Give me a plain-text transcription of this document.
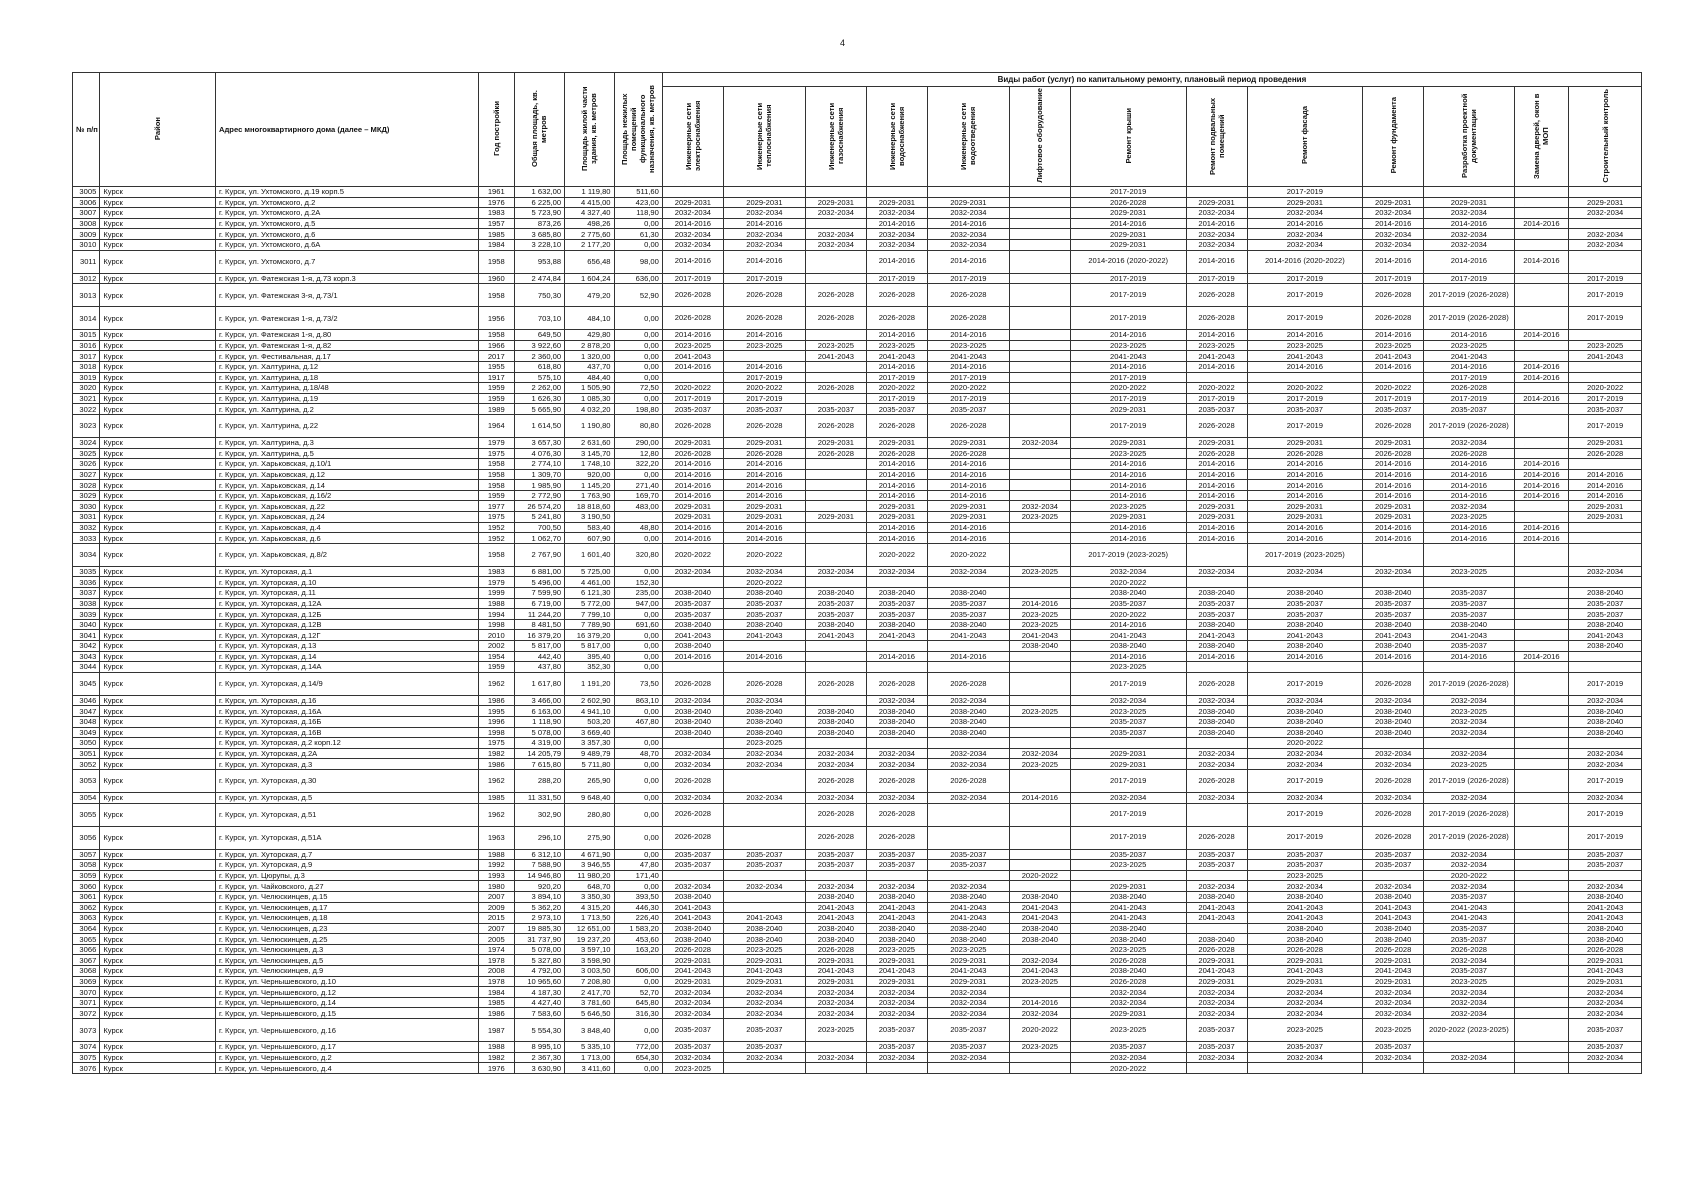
4
№ п/п	Район	Адрес многоквартирного дома (далее – МКД)	Год постройки	Общая площадь, кв. метров	Площадь жилой части здания, кв. метров	Площадь нежилых помещений функционального назначения, кв. метров	Виды работ (услуг) по капитальному ремонту, плановый период проведения												
							Инженерные сети электроснабжения	Инженерные сети теплоснабжения	Инженерные сети газоснабжения	Инженерные сети водоснабжения	Инженерные сети водоотведения	Лифтовое оборудование	Ремонт крыши	Ремонт подвальных помещений	Ремонт фасада	Ремонт фундамента	Разработка проектной документации	Замена дверей, окон в МОП	Строительный контроль
3005	Курск	г. Курск, ул. Ухтомского, д.19 корп.5	1961	1 632,00	1 119,80	511,60							2017-2019		2017-2019				
3006	Курск	г. Курск, ул. Ухтомского, д.2	1976	6 225,00	4 415,00	423,00	2029-2031	2029-2031	2029-2031	2029-2031	2029-2031		2026-2028	2029-2031	2029-2031	2029-2031	2029-2031		2029-2031
3007	Курск	г. Курск, ул. Ухтомского, д.2А	1983	5 723,90	4 327,40	118,90	2032-2034	2032-2034	2032-2034	2032-2034	2032-2034		2029-2031	2032-2034	2032-2034	2032-2034	2032-2034		2032-2034
3008	Курск	г. Курск, ул. Ухтомского, д.5	1957	873,26	498,26	0,00	2014-2016	2014-2016		2014-2016	2014-2016		2014-2016	2014-2016	2014-2016	2014-2016	2014-2016	2014-2016	
3009	Курск	г. Курск, ул. Ухтомского, д.6	1985	3 685,80	2 775,60	61,30	2032-2034	2032-2034	2032-2034	2032-2034	2032-2034		2029-2031	2032-2034	2032-2034	2032-2034	2032-2034		2032-2034
3010	Курск	г. Курск, ул. Ухтомского, д.6А	1984	3 228,10	2 177,20	0,00	2032-2034	2032-2034	2032-2034	2032-2034	2032-2034		2029-2031	2032-2034	2032-2034	2032-2034	2032-2034		2032-2034
3011	Курск	г. Курск, ул. Ухтомского, д.7	1958	953,88	656,48	98,00	2014-2016	2014-2016		2014-2016	2014-2016		2014-2016 (2020-2022)	2014-2016	2014-2016 (2020-2022)	2014-2016	2014-2016	2014-2016	
3012	Курск	г. Курск, ул. Фатежская 1-я, д.73 корп.3	1960	2 474,84	1 604,24	636,00	2017-2019	2017-2019		2017-2019	2017-2019		2017-2019	2017-2019	2017-2019	2017-2019	2017-2019		2017-2019
3013	Курск	г. Курск, ул. Фатежская 3-я, д.73/1	1958	750,30	479,20	52,90	2026-2028	2026-2028	2026-2028	2026-2028	2026-2028		2017-2019	2026-2028	2017-2019	2026-2028	2017-2019 (2026-2028)		2017-2019
3014	Курск	г. Курск, ул. Фатежская 1-я, д.73/2	1956	703,10	484,10	0,00	2026-2028	2026-2028	2026-2028	2026-2028	2026-2028		2017-2019	2026-2028	2017-2019	2026-2028	2017-2019 (2026-2028)		2017-2019
3015	Курск	г. Курск, ул. Фатежская 1-я, д.80	1958	649,50	429,80	0,00	2014-2016	2014-2016		2014-2016	2014-2016		2014-2016	2014-2016	2014-2016	2014-2016	2014-2016	2014-2016	
3016	Курск	г. Курск, ул. Фатежская 1-я, д.82	1966	3 922,60	2 878,20	0,00	2023-2025	2023-2025	2023-2025	2023-2025	2023-2025		2023-2025	2023-2025	2023-2025	2023-2025	2023-2025		2023-2025
3017	Курск	г. Курск, ул. Фестивальная, д.17	2017	2 360,00	1 320,00	0,00	2041-2043		2041-2043	2041-2043	2041-2043		2041-2043	2041-2043	2041-2043	2041-2043	2041-2043		2041-2043
3018	Курск	г. Курск, ул. Халтурина, д.12	1955	618,80	437,70	0,00	2014-2016	2014-2016		2014-2016	2014-2016		2014-2016	2014-2016	2014-2016	2014-2016	2014-2016	2014-2016	
3019	Курск	г. Курск, ул. Халтурина, д.18	1917	575,10	484,40	0,00		2017-2019		2017-2019	2017-2019		2017-2019				2017-2019	2014-2016	
3020	Курск	г. Курск, ул. Халтурина, д.18/48	1959	2 262,00	1 505,90	72,50	2020-2022	2020-2022	2026-2028	2020-2022	2020-2022		2020-2022	2020-2022	2020-2022	2020-2022	2026-2028		2020-2022
3021	Курск	г. Курск, ул. Халтурина, д.19	1959	1 626,30	1 085,30	0,00	2017-2019	2017-2019		2017-2019	2017-2019		2017-2019	2017-2019	2017-2019	2017-2019	2017-2019	2014-2016	2017-2019
3022	Курск	г. Курск, ул. Халтурина, д.2	1989	5 665,90	4 032,20	198,80	2035-2037	2035-2037	2035-2037	2035-2037	2035-2037		2029-2031	2035-2037	2035-2037	2035-2037	2035-2037		2035-2037
3023	Курск	г. Курск, ул. Халтурина, д.22	1964	1 614,50	1 190,80	80,80	2026-2028	2026-2028	2026-2028	2026-2028	2026-2028		2017-2019	2026-2028	2017-2019	2026-2028	2017-2019 (2026-2028)		2017-2019
3024	Курск	г. Курск, ул. Халтурина, д.3	1979	3 657,30	2 631,60	290,00	2029-2031	2029-2031	2029-2031	2029-2031	2029-2031	2032-2034	2029-2031	2029-2031	2029-2031	2029-2031	2032-2034		2029-2031
3025	Курск	г. Курск, ул. Халтурина, д.5	1975	4 076,30	3 145,70	12,80	2026-2028	2026-2028	2026-2028	2026-2028	2026-2028		2023-2025	2026-2028	2026-2028	2026-2028	2026-2028		2026-2028
3026	Курск	г. Курск, ул. Харьковская, д.10/1	1958	2 774,10	1 748,10	322,20	2014-2016	2014-2016		2014-2016	2014-2016		2014-2016	2014-2016	2014-2016	2014-2016	2014-2016	2014-2016	
3027	Курск	г. Курск, ул. Харьковская, д.12	1958	1 309,70	920,00	0,00	2014-2016	2014-2016		2014-2016	2014-2016		2014-2016	2014-2016	2014-2016	2014-2016	2014-2016	2014-2016	2014-2016
3028	Курск	г. Курск, ул. Харьковская, д.14	1958	1 985,90	1 145,20	271,40	2014-2016	2014-2016		2014-2016	2014-2016		2014-2016	2014-2016	2014-2016	2014-2016	2014-2016	2014-2016	2014-2016
3029	Курск	г. Курск, ул. Харьковская, д.16/2	1959	2 772,90	1 763,90	169,70	2014-2016	2014-2016		2014-2016	2014-2016		2014-2016	2014-2016	2014-2016	2014-2016	2014-2016	2014-2016	2014-2016
3030	Курск	г. Курск, ул. Харьковская, д.22	1977	26 574,20	18 818,60	483,00	2029-2031	2029-2031		2029-2031	2029-2031	2032-2034	2023-2025	2029-2031	2029-2031	2029-2031	2032-2034		2029-2031
3031	Курск	г. Курск, ул. Харьковская, д.24	1975	5 241,80	3 190,50		2029-2031	2029-2031	2029-2031	2029-2031	2029-2031	2023-2025	2029-2031	2029-2031	2029-2031	2029-2031	2023-2025		2029-2031
3032	Курск	г. Курск, ул. Харьковская, д.4	1952	700,50	583,40	48,80	2014-2016	2014-2016		2014-2016	2014-2016		2014-2016	2014-2016	2014-2016	2014-2016	2014-2016	2014-2016	
3033	Курск	г. Курск, ул. Харьковская, д.6	1952	1 062,70	607,90	0,00	2014-2016	2014-2016		2014-2016	2014-2016		2014-2016	2014-2016	2014-2016	2014-2016	2014-2016	2014-2016	
3034	Курск	г. Курск, ул. Харьковская, д.8/2	1958	2 767,90	1 601,40	320,80	2020-2022	2020-2022		2020-2022	2020-2022		2017-2019 (2023-2025)		2017-2019 (2023-2025)				
3035	Курск	г. Курск, ул. Хуторская, д.1	1983	6 881,00	5 725,00	0,00	2032-2034	2032-2034	2032-2034	2032-2034	2032-2034	2023-2025	2032-2034	2032-2034	2032-2034	2032-2034	2023-2025		2032-2034
3036	Курск	г. Курск, ул. Хуторская, д.10	1979	5 496,00	4 461,00	152,30		2020-2022					2020-2022						
3037	Курск	г. Курск, ул. Хуторская, д.11	1999	7 599,90	6 121,30	235,00	2038-2040	2038-2040	2038-2040	2038-2040	2038-2040		2038-2040	2038-2040	2038-2040	2038-2040	2035-2037		2038-2040
3038	Курск	г. Курск, ул. Хуторская, д.12А	1988	6 719,00	5 772,00	947,00	2035-2037	2035-2037	2035-2037	2035-2037	2035-2037	2014-2016	2035-2037	2035-2037	2035-2037	2035-2037	2035-2037		2035-2037
3039	Курск	г. Курск, ул. Хуторская, д.12Б	1994	11 244,20	7 799,10	0,00	2035-2037	2035-2037	2035-2037	2035-2037	2035-2037	2023-2025	2020-2022	2035-2037	2035-2037	2035-2037	2035-2037		2035-2037
3040	Курск	г. Курск, ул. Хуторская, д.12В	1998	8 481,50	7 789,90	691,60	2038-2040	2038-2040	2038-2040	2038-2040	2038-2040	2023-2025	2014-2016	2038-2040	2038-2040	2038-2040	2038-2040		2038-2040
3041	Курск	г. Курск, ул. Хуторская, д.12Г	2010	16 379,20	16 379,20	0,00	2041-2043	2041-2043	2041-2043	2041-2043	2041-2043	2041-2043	2041-2043	2041-2043	2041-2043	2041-2043	2041-2043		2041-2043
3042	Курск	г. Курск, ул. Хуторская, д.13	2002	5 817,00	5 817,00	0,00	2038-2040					2038-2040	2038-2040	2038-2040	2038-2040	2038-2040	2035-2037		2038-2040
3043	Курск	г. Курск, ул. Хуторская, д.14	1954	442,40	395,40	0,00	2014-2016	2014-2016		2014-2016	2014-2016		2014-2016	2014-2016	2014-2016	2014-2016	2014-2016	2014-2016	
3044	Курск	г. Курск, ул. Хуторская, д.14А	1959	437,80	352,30	0,00							2023-2025						
3045	Курск	г. Курск, ул. Хуторская, д.14/9	1962	1 617,80	1 191,20	73,50	2026-2028	2026-2028	2026-2028	2026-2028	2026-2028		2017-2019	2026-2028	2017-2019	2026-2028	2017-2019 (2026-2028)		2017-2019
3046	Курск	г. Курск, ул. Хуторская, д.16	1986	3 466,00	2 602,90	863,10	2032-2034	2032-2034		2032-2034	2032-2034		2032-2034	2032-2034	2032-2034	2032-2034	2032-2034		2032-2034
3047	Курск	г. Курск, ул. Хуторская, д.16А	1995	6 163,00	4 941,10	0,00	2038-2040	2038-2040	2038-2040	2038-2040	2038-2040	2023-2025	2023-2025	2038-2040	2038-2040	2038-2040	2023-2025		2038-2040
3048	Курск	г. Курск, ул. Хуторская, д.16Б	1996	1 118,90	503,20	467,80	2038-2040	2038-2040	2038-2040	2038-2040	2038-2040		2035-2037	2038-2040	2038-2040	2038-2040	2032-2034		2038-2040
3049	Курск	г. Курск, ул. Хуторская, д.16В	1998	5 078,00	3 669,40		2038-2040	2038-2040	2038-2040	2038-2040	2038-2040		2035-2037	2038-2040	2038-2040	2038-2040	2032-2034		2038-2040
3050	Курск	г. Курск, ул. Хуторская, д.2 корп.12	1975	4 319,00	3 357,30	0,00		2023-2025							2020-2022				
3051	Курск	г. Курск, ул. Хуторская, д.2А	1982	14 205,79	9 489,79	48,70	2032-2034	2032-2034	2032-2034	2032-2034	2032-2034	2032-2034	2029-2031	2032-2034	2032-2034	2032-2034	2032-2034		2032-2034
3052	Курск	г. Курск, ул. Хуторская, д.3	1986	7 615,80	5 711,80	0,00	2032-2034	2032-2034	2032-2034	2032-2034	2032-2034	2023-2025	2029-2031	2032-2034	2032-2034	2032-2034	2023-2025		2032-2034
3053	Курск	г. Курск, ул. Хуторская, д.30	1962	288,20	265,90	0,00	2026-2028		2026-2028	2026-2028	2026-2028		2017-2019	2026-2028	2017-2019	2026-2028	2017-2019 (2026-2028)		2017-2019
3054	Курск	г. Курск, ул. Хуторская, д.5	1985	11 331,50	9 648,40	0,00	2032-2034	2032-2034	2032-2034	2032-2034	2032-2034	2014-2016	2032-2034	2032-2034	2032-2034	2032-2034	2032-2034		2032-2034
3055	Курск	г. Курск, ул. Хуторская, д.51	1962	302,90	280,80	0,00	2026-2028		2026-2028	2026-2028			2017-2019		2017-2019	2026-2028	2017-2019 (2026-2028)		2017-2019
3056	Курск	г. Курск, ул. Хуторская, д.51А	1963	296,10	275,90	0,00	2026-2028		2026-2028	2026-2028			2017-2019	2026-2028	2017-2019	2026-2028	2017-2019 (2026-2028)		2017-2019
3057	Курск	г. Курск, ул. Хуторская, д.7	1988	6 312,10	4 671,90	0,00	2035-2037	2035-2037	2035-2037	2035-2037	2035-2037		2035-2037	2035-2037	2035-2037	2035-2037	2032-2034		2035-2037
3058	Курск	г. Курск, ул. Хуторская, д.9	1992	7 588,90	3 946,55	47,80	2035-2037	2035-2037	2035-2037	2035-2037	2035-2037		2023-2025	2035-2037	2035-2037	2035-2037	2032-2034		2035-2037
3059	Курск	г. Курск, ул. Цюрупы, д.3	1993	14 946,80	11 980,20	171,40						2020-2022			2023-2025		2020-2022		
3060	Курск	г. Курск, ул. Чайковского, д.27	1980	920,20	648,70	0,00	2032-2034	2032-2034	2032-2034	2032-2034	2032-2034		2029-2031	2032-2034	2032-2034	2032-2034	2032-2034		2032-2034
3061	Курск	г. Курск, ул. Челюскинцев, д.15	2007	3 894,10	3 350,30	393,50	2038-2040		2038-2040	2038-2040	2038-2040	2038-2040	2038-2040	2038-2040	2038-2040	2038-2040	2035-2037		2038-2040
3062	Курск	г. Курск, ул. Челюскинцев, д.17	2009	5 362,20	4 315,20	446,30	2041-2043		2041-2043	2041-2043	2041-2043	2041-2043	2041-2043	2041-2043	2041-2043	2041-2043	2041-2043		2041-2043
3063	Курск	г. Курск, ул. Челюскинцев, д.18	2015	2 973,10	1 713,50	226,40	2041-2043	2041-2043	2041-2043	2041-2043	2041-2043	2041-2043	2041-2043	2041-2043	2041-2043	2041-2043	2041-2043		2041-2043
3064	Курск	г. Курск, ул. Челюскинцев, д.23	2007	19 885,30	12 651,00	1 583,20	2038-2040	2038-2040	2038-2040	2038-2040	2038-2040	2038-2040	2038-2040		2038-2040	2038-2040	2035-2037		2038-2040
3065	Курск	г. Курск, ул. Челюскинцев, д.25	2005	31 737,90	19 237,20	453,60	2038-2040	2038-2040	2038-2040	2038-2040	2038-2040	2038-2040	2038-2040	2038-2040	2038-2040	2038-2040	2035-2037		2038-2040
3066	Курск	г. Курск, ул. Челюскинцев, д.3	1974	5 078,00	3 597,10	163,20	2026-2028	2023-2025	2026-2028	2023-2025	2023-2025		2023-2025	2026-2028	2026-2028	2026-2028	2026-2028		2026-2028
3067	Курск	г. Курск, ул. Челюскинцев, д.5	1978	5 327,80	3 598,90		2029-2031	2029-2031	2029-2031	2029-2031	2029-2031	2032-2034	2026-2028	2029-2031	2029-2031	2029-2031	2032-2034		2029-2031
3068	Курск	г. Курск, ул. Челюскинцев, д.9	2008	4 792,00	3 003,50	606,00	2041-2043	2041-2043	2041-2043	2041-2043	2041-2043	2041-2043	2038-2040	2041-2043	2041-2043	2041-2043	2035-2037		2041-2043
3069	Курск	г. Курск, ул. Чернышевского, д.10	1978	10 965,60	7 208,80	0,00	2029-2031	2029-2031	2029-2031	2029-2031	2029-2031	2023-2025	2026-2028	2029-2031	2029-2031	2029-2031	2023-2025		2029-2031
3070	Курск	г. Курск, ул. Чернышевского, д.12	1984	4 187,30	2 417,70	52,70	2032-2034	2032-2034	2032-2034	2032-2034	2032-2034		2032-2034	2032-2034	2032-2034	2032-2034	2032-2034		2032-2034
3071	Курск	г. Курск, ул. Чернышевского, д.14	1985	4 427,40	3 781,60	645,80	2032-2034	2032-2034	2032-2034	2032-2034	2032-2034	2014-2016	2032-2034	2032-2034	2032-2034	2032-2034	2032-2034		2032-2034
3072	Курск	г. Курск, ул. Чернышевского, д.15	1986	7 583,60	5 646,50	316,30	2032-2034	2032-2034	2032-2034	2032-2034	2032-2034	2032-2034	2029-2031	2032-2034	2032-2034	2032-2034	2032-2034		2032-2034
3073	Курск	г. Курск, ул. Чернышевского, д.16	1987	5 554,30	3 848,40	0,00	2035-2037	2035-2037	2023-2025	2035-2037	2035-2037	2020-2022	2023-2025	2035-2037	2023-2025	2023-2025	2020-2022 (2023-2025)		2035-2037
3074	Курск	г. Курск, ул. Чернышевского, д.17	1988	8 995,10	5 335,10	772,00	2035-2037	2035-2037		2035-2037	2035-2037	2023-2025	2035-2037	2035-2037	2035-2037	2035-2037			2035-2037
3075	Курск	г. Курск, ул. Чернышевского, д.2	1982	2 367,30	1 713,00	654,30	2032-2034	2032-2034	2032-2034	2032-2034	2032-2034		2032-2034	2032-2034	2032-2034	2032-2034	2032-2034		2032-2034
3076	Курск	г. Курск, ул. Чернышевского, д.4	1976	3 630,90	3 411,60	0,00	2023-2025						2020-2022						
